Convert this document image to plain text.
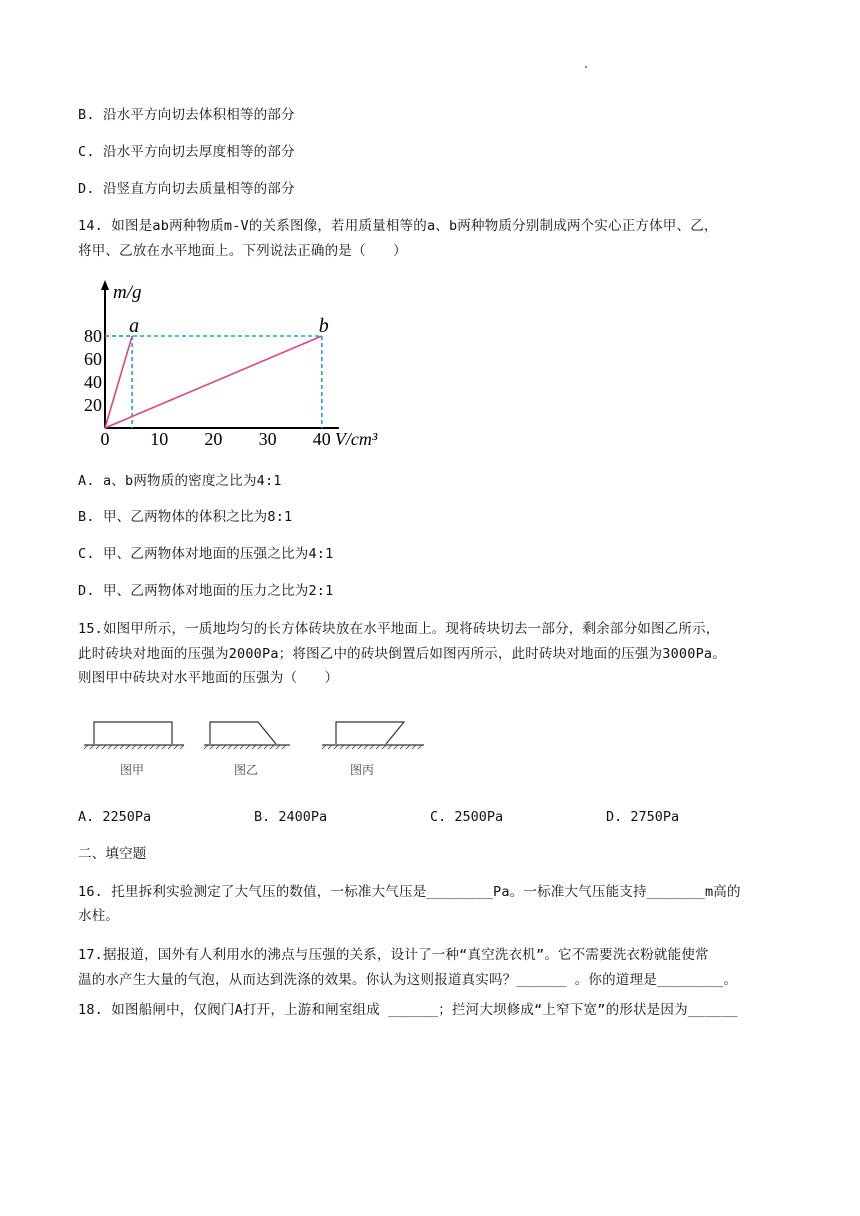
B. 沿水平方向切去体积相等的部分
C. 沿水平方向切去厚度相等的部分
D. 沿竖直方向切去质量相等的部分
14. 如图是ab两种物质m-V的关系图像，若用质量相等的a、b两种物质分别制成两个实心正方体甲、乙，
将甲、乙放在水平地面上。下列说法正确的是（　　）
m/g
V/cm³
0 10 20 30 40
20
40
60
80 a	b
A. a、b两物质的密度之比为4:1
B. 甲、乙两物体的体积之比为8:1
C. 甲、乙两物体对地面的压强之比为4:1
D. 甲、乙两物体对地面的压力之比为2:1
15.如图甲所示，一质地均匀的长方体砖块放在水平地面上。现将砖块切去一部分，剩余部分如图乙所示，
此时砖块对地面的压强为2000Pa；将图乙中的砖块倒置后如图丙所示，此时砖块对地面的压强为3000Pa。
则图甲中砖块对水平地面的压强为（　　）
图甲	图乙	图丙
A. 2250Pa	B. 2400Pa	C. 2500Pa	D. 2750Pa
二、填空题
16. 托里拆利实验测定了大气压的数值，一标准大气压是________Pa。一标准大气压能支持_______m高的
水柱。
17.据报道，国外有人利用水的沸点与压强的关系，设计了一种“真空洗衣机”。它不需要洗衣粉就能使常
温的水产生大量的气泡，从而达到洗涤的效果。你认为这则报道真实吗？______ 。你的道理是________。
18. 如图船闸中，仅阀门A打开，上游和闸室组成 ______；拦河大坝修成“上窄下宽”的形状是因为______
